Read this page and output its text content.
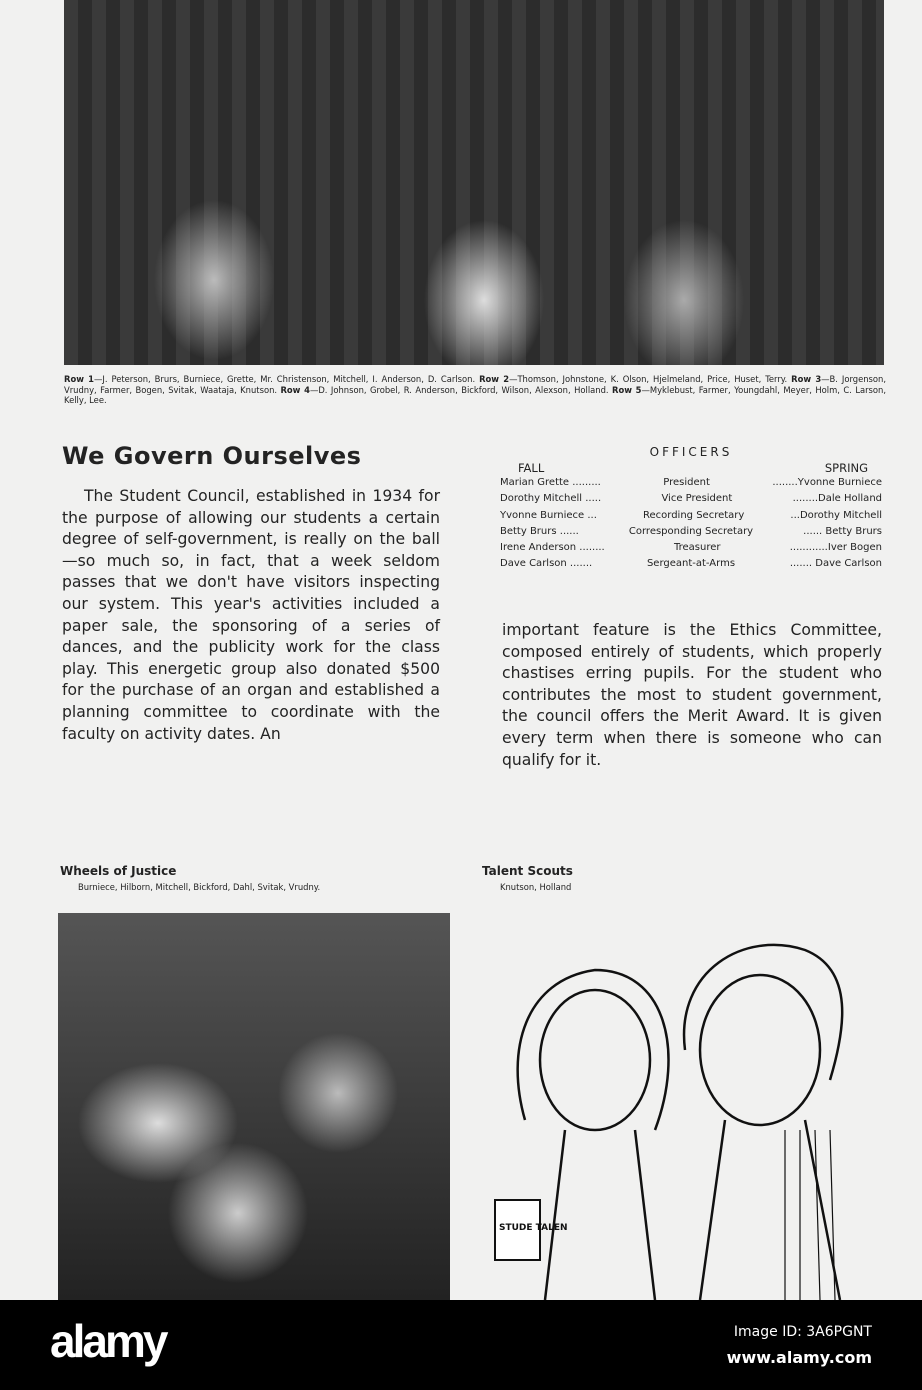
Row 1—J. Peterson, Brurs, Burniece, Grette, Mr. Christenson, Mitchell, I. Anderson, D. Carlson. Row 2—Thomson, Johnstone, K. Olson, Hjelmeland, Price, Huset, Terry. Row 3—B. Jorgenson, Vrudny, Farmer, Bogen, Svitak, Waataja, Knutson. Row 4—D. Johnson, Grobel, R. Anderson, Bickford, Wilson, Alexson, Holland. Row 5—Myklebust, Farmer, Youngdahl, Meyer, Holm, C. Larson, Kelly, Lee.
We Govern Ourselves
The Student Council, established in 1934 for the purpose of allowing our students a certain degree of self-government, is really on the ball—so much so, in fact, that a week seldom passes that we don't have visitors inspecting our system. This year's activities included a paper sale, the sponsoring of a series of dances, and the publicity work for the class play. This energetic group also donated $500 for the purchase of an organ and established a planning committee to coordinate with the faculty on activity dates. An
OFFICERS
FALL	SPRING
Marian Grette .........	President	........Yvonne Burniece
Dorothy Mitchell .....	Vice President	........Dale Holland
Yvonne Burniece ...	Recording Secretary	...Dorothy Mitchell
Betty Brurs ......	Corresponding Secretary	...... Betty Brurs
Irene Anderson ........	Treasurer	............Iver Bogen
Dave Carlson .......	Sergeant-at-Arms	....... Dave Carlson
important feature is the Ethics Committee, composed entirely of students, which properly chastises erring pupils. For the student who contributes the most to student government, the council offers the Merit Award. It is given every term when there is someone who can qualify for it.
Wheels of Justice
Burniece, Hilborn, Mitchell, Bickford, Dahl, Svitak, Vrudny.
Talent Scouts
Knutson, Holland
STUDE TALEN
alamy	Image ID: 3A6PGNT
www.alamy.com
